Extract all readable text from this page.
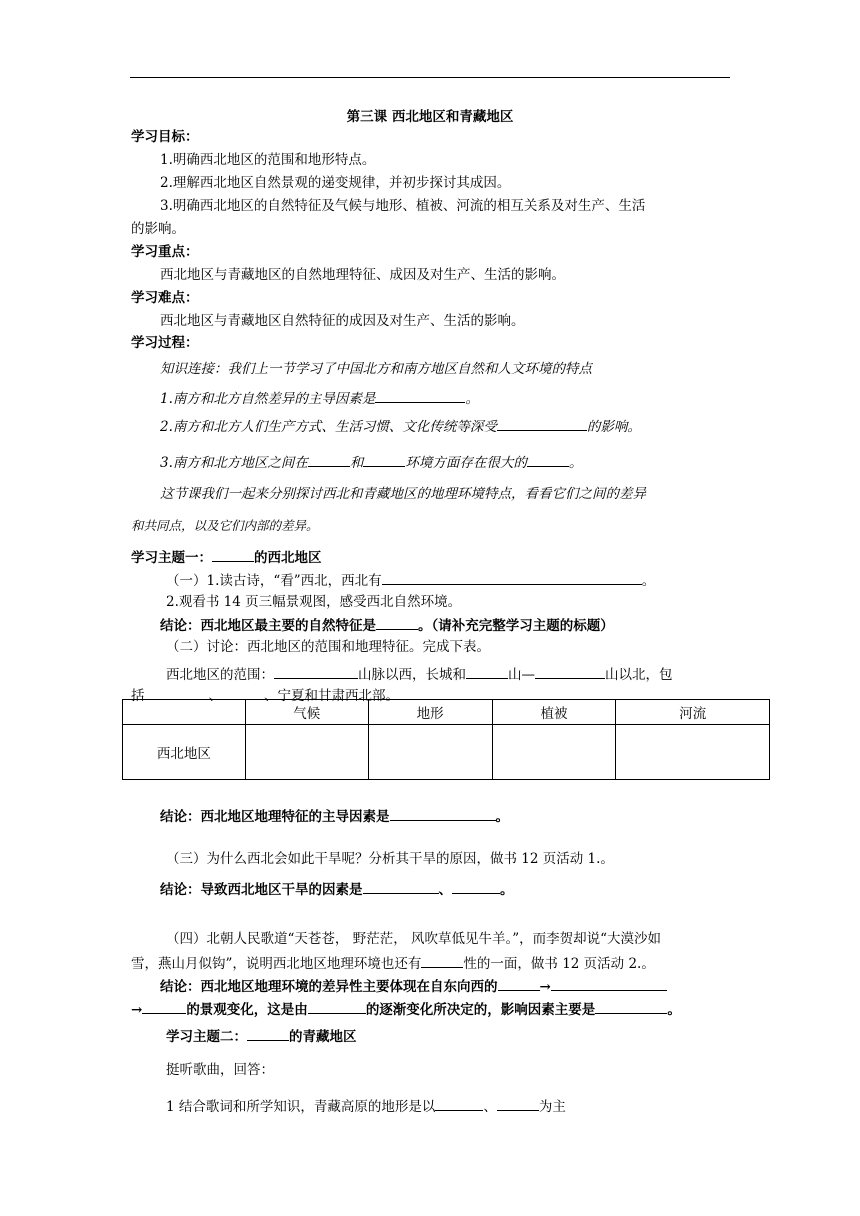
第三课 西北地区和青藏地区
学习目标：
1.明确西北地区的范围和地形特点。
2.理解西北地区自然景观的递变规律，并初步探讨其成因。
3.明确西北地区的自然特征及气候与地形、植被、河流的相互关系及对生产、生活
的影响。
学习重点：
西北地区与青藏地区的自然地理特征、成因及对生产、生活的影响。
学习难点：
西北地区与青藏地区自然特征的成因及对生产、生活的影响。
学习过程：
知识连接：我们上一节学习了中国北方和南方地区自然和人文环境的特点
1.南方和北方自然差异的主导因素是	。
2.南方和北方人们生产方式、生活习惯、文化传统等深受	的影响。
3.南方和北方地区之间在	和	环境方面存在很大的	。
这节课我们一起来分别探讨西北和青藏地区的地理环境特点，看看它们之间的差异
和共同点，以及它们内部的差异。
学习主题一：	的西北地区
（一）1.读古诗，“看”西北，西北有	。
2.观看书 14 页三幅景观图，感受西北自然环境。
结论：西北地区最主要的自然特征是	。（请补充完整学习主题的标题）
（二）讨论：西北地区的范围和地理特征。完成下表。
西北地区的范围：	山脉以西，长城和	山—	山以北，包
括	、	、宁夏和甘肃西北部。
	气候	地形	植被	河流
西北地区				
结论：西北地区地理特征的主导因素是	。
（三）为什么西北会如此干旱呢？分析其干旱的原因，做书 12 页活动 1.。
结论：导致西北地区干旱的因素是	、	。
（四）北朝人民歌道“天苍苍， 野茫茫， 风吹草低见牛羊。”，而李贺却说“大漠沙如
雪，燕山月似钩”，说明西北地区地理环境也还有	性的一面，做书 12 页活动 2.。
结论：西北地区地理环境的差异性主要体现在自东向西的	→
→	的景观变化，这是由	的逐渐变化所决定的，影响因素主要是	。
学习主题二：	的青藏地区
挺听歌曲，回答：
1 结合歌词和所学知识，青藏高原的地形是以	、	为主
